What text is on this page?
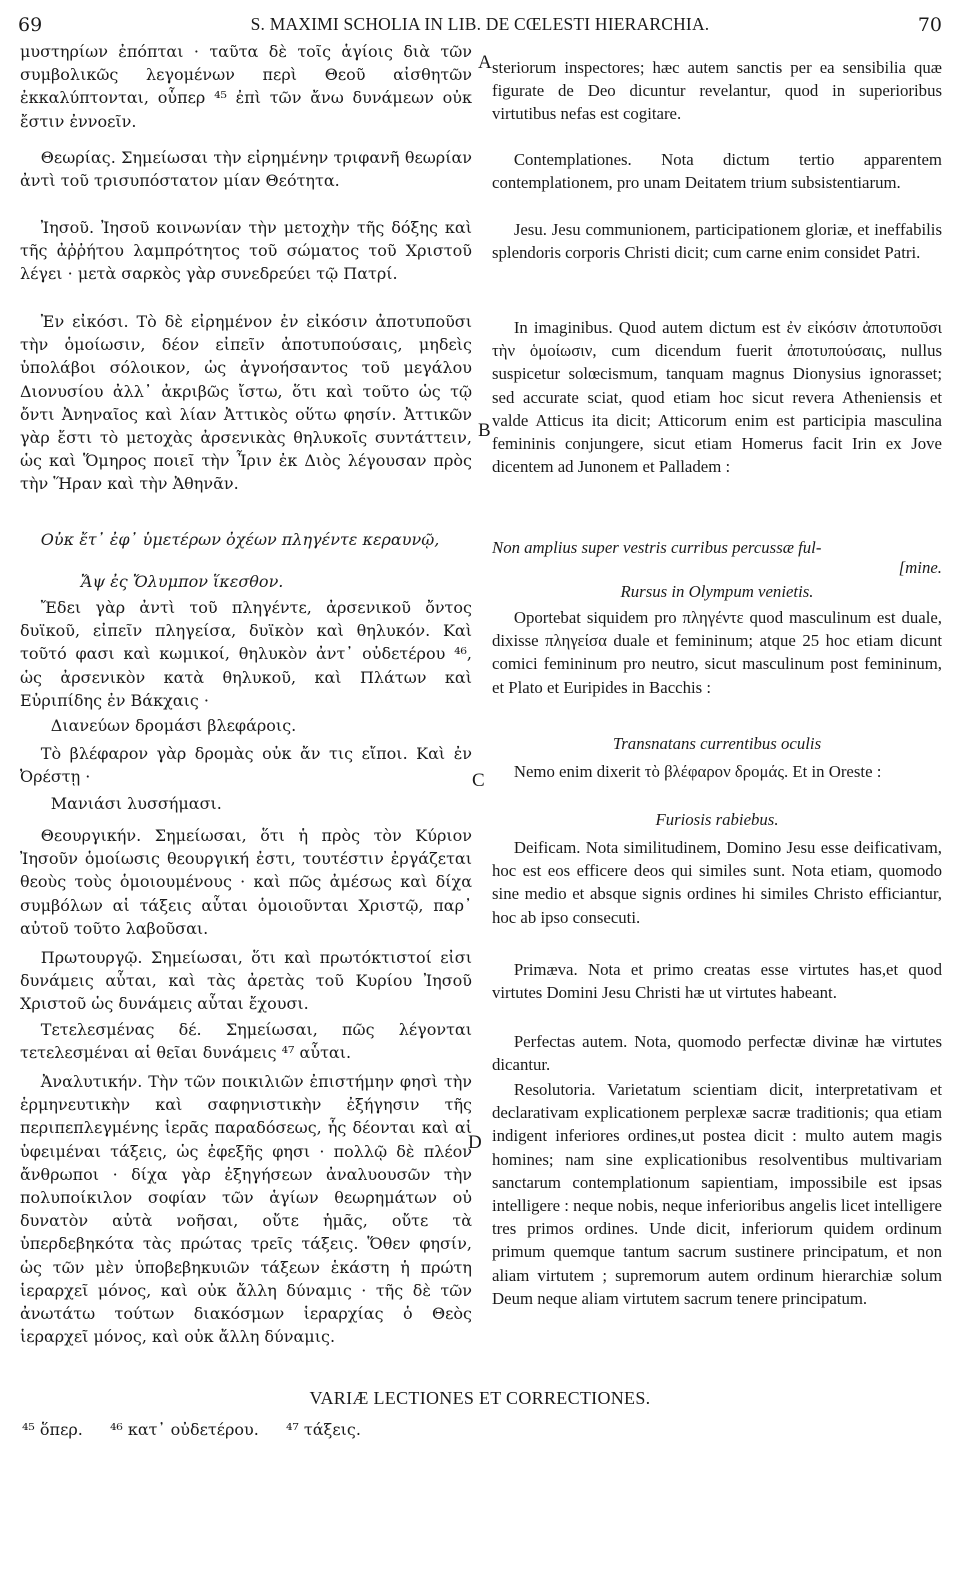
69	S. MAXIMI SCHOLIA IN LIB. DE CŒLESTI HIERARCHIA.	70

μυστηρίων ἐπόπται · ταῦτα δὲ τοῖς ἁγίοις διὰ τῶν συμβολικῶς λεγομένων περὶ Θεοῦ αἰσθητῶν ἐκκαλύπτονται, οὗπερ ⁴⁵ ἐπὶ τῶν ἄνω δυνάμεων οὐκ ἔστιν ἐννοεῖν.

Θεωρίας. Σημείωσαι τὴν εἰρημένην τριφανῆ θεωρίαν ἀντὶ τοῦ τρισυπόστατον μίαν Θεότητα.

Ἰησοῦ. Ἰησοῦ κοινωνίαν τὴν μετοχὴν τῆς δόξης καὶ τῆς ἀῤῥήτου λαμπρότητος τοῦ σώματος τοῦ Χριστοῦ λέγει · μετὰ σαρκὸς γὰρ συνεδρεύει τῷ Πατρί.

Ἐν εἰκόσι. Τὸ δὲ εἰρημένον ἐν εἰκόσιν ἀποτυποῦσι τὴν ὁμοίωσιν, δέον εἰπεῖν ἀποτυπούσαις, μηδεὶς ὑπολάβοι σόλοικον, ὡς ἀγνοήσαντος τοῦ μεγάλου Διονυσίου ἀλλ᾽ ἀκριβῶς ἴστω, ὅτι καὶ τοῦτο ὡς τῷ ὄντι Ἀνηναῖος καὶ λίαν Ἀττικὸς οὕτω φησίν. Ἀττικῶν γὰρ ἔστι τὸ μετοχὰς ἀρσενικὰς θηλυκοῖς συντάττειν, ὡς καὶ Ὅμηρος ποιεῖ τὴν Ἶριν ἐκ Διὸς λέγουσαν πρὸς τὴν Ἥραν καὶ τὴν Ἀθηνᾶν.

Οὐκ ἔτ᾽ ἐφ᾽ ὑμετέρων ὀχέων πληγέντε κεραυνῷ,

Ἄψ ἐς Ὄλυμπον ἵκεσθον.

Ἔδει γὰρ ἀντὶ τοῦ πληγέντε, ἀρσενικοῦ ὄντος δυϊκοῦ, εἰπεῖν πληγείσα, δυϊκὸν καὶ θηλυκόν. Καὶ τοῦτό φασι καὶ κωμικοί, θηλυκὸν ἀντ᾽ οὐδετέρου ⁴⁶, ὡς ἀρσενικὸν κατὰ θηλυκοῦ, καὶ Πλάτων καὶ Εὐριπίδης ἐν Βάκχαις ·

Διανεύων δρομάσι βλεφάροις.

Τὸ βλέφαρον γὰρ δρομὰς οὐκ ἄν τις εἴποι. Καὶ ἐν Ὀρέστῃ ·

Μανιάσι λυσσήμασι.

Θεουργικήν. Σημείωσαι, ὅτι ἡ πρὸς τὸν Κύριον Ἰησοῦν ὁμοίωσις θεουργική ἐστι, τουτέστιν ἐργάζεται θεοὺς τοὺς ὁμοιουμένους · καὶ πῶς ἀμέσως καὶ δίχα συμβόλων αἱ τάξεις αὗται ὁμοιοῦνται Χριστῷ, παρ᾽ αὐτοῦ τοῦτο λαβοῦσαι.

Πρωτουργῷ. Σημείωσαι, ὅτι καὶ πρωτόκτιστοί εἰσι δυνάμεις αὗται, καὶ τὰς ἀρετὰς τοῦ Κυρίου Ἰησοῦ Χριστοῦ ὡς δυνάμεις αὗται ἔχουσι.

Τετελεσμένας δέ. Σημείωσαι, πῶς λέγονται τετελεσμέναι αἱ θεῖαι δυνάμεις ⁴⁷ αὗται.

Ἀναλυτικήν. Τὴν τῶν ποικιλιῶν ἐπιστήμην φησὶ τὴν ἑρμηνευτικὴν καὶ σαφηνιστικὴν ἐξήγησιν τῆς περιπεπλεγμένης ἱερᾶς παραδόσεως, ἧς δέονται καὶ αἱ ὑφειμέναι τάξεις, ὡς ἐφεξῆς φησι · πολλῷ δὲ πλέον ἄνθρωποι · δίχα γὰρ ἐξηγήσεων ἀναλυουσῶν τὴν πολυποίκιλον σοφίαν τῶν ἁγίων θεωρημάτων οὐ δυνατὸν αὐτὰ νοῆσαι, οὔτε ἡμᾶς, οὔτε τὰ ὑπερδεβηκότα τὰς πρώτας τρεῖς τάξεις. Ὅθεν φησίν, ὡς τῶν μὲν ὑποβεβηκυιῶν τάξεων ἑκάστη ἡ πρώτη ἱεραρχεῖ μόνος, καὶ οὐκ ἄλλη δύναμις · τῆς δὲ τῶν ἀνωτάτω τούτων διακόσμων ἱεραρχίας ὁ Θεὸς ἱεραρχεῖ μόνος, καὶ οὐκ ἄλλη δύναμις.

A
B
C
D

steriorum inspectores; hæc autem sanctis per ea sensibilia quæ figurate de Deo dicuntur revelantur, quod in superioribus virtutibus nefas est cogitare.

Contemplationes. Nota dictum tertio apparentem contemplationem, pro unam Deitatem trium subsistentiarum.

Jesu. Jesu communionem, participationem gloriæ, et ineffabilis splendoris corporis Christi dicit; cum carne enim considet Patri.

In imaginibus. Quod autem dictum est ἐν εἰκόσιν ἀποτυποῦσι τὴν ὁμοίωσιν, cum dicendum fuerit ἀποτυπούσαις, nullus suspicetur solœcismum, tanquam magnus Dionysius ignorasset; sed accurate sciat, quod etiam hoc sicut revera Atheniensis et valde Atticus ita dicit; Atticorum enim est participia masculina femininis conjungere, sicut etiam Homerus facit Irin ex Jove dicentem ad Junonem et Palladem :

Non amplius super vestris curribus percussæ ful-

[mine.

Rursus in Olympum venietis.

Oportebat siquidem pro πληγέντε quod masculinum est duale, dixisse πληγείσα duale et femininum; atque 25 hoc etiam dicunt comici femininum pro neutro, sicut masculinum post femininum, et Plato et Euripides in Bacchis :

Transnatans currentibus oculis

Nemo enim dixerit τὸ βλέφαρον δρομάς. Et in Oreste :

Furiosis rabiebus.

Deificam. Nota similitudinem, Domino Jesu esse deificativam, hoc est eos efficere deos qui similes sunt. Nota etiam, quomodo sine medio et absque signis ordines hi similes Christo efficiantur, hoc ab ipso consecuti.

Primæva. Nota et primo creatas esse virtutes has,et quod virtutes Domini Jesu Christi hæ ut virtutes habeant.

Perfectas autem. Nota, quomodo perfectæ divinæ hæ virtutes dicantur.

Resolutoria. Varietatum scientiam dicit, interpretativam et declarativam explicationem perplexæ sacræ traditionis; qua etiam indigent inferiores ordines,ut postea dicit : multo autem magis homines; nam sine explicationibus resolventibus multivariam sanctarum contemplationum sapientiam, impossibile est ipsas intelligere : neque nobis, neque inferioribus angelis licet intelligere tres primos ordines. Unde dicit, inferiorum quidem ordinum primum quemque tantum sacrum sustinere principatum, et non aliam virtutem ; supremorum autem ordinum hierarchiæ solum Deum neque aliam virtutem sacrum tenere principatum.

VARIÆ LECTIONES ET CORRECTIONES.
⁴⁵ ὅπερ. ⁴⁶ κατ᾽ οὐδετέρου. ⁴⁷ τάξεις.
